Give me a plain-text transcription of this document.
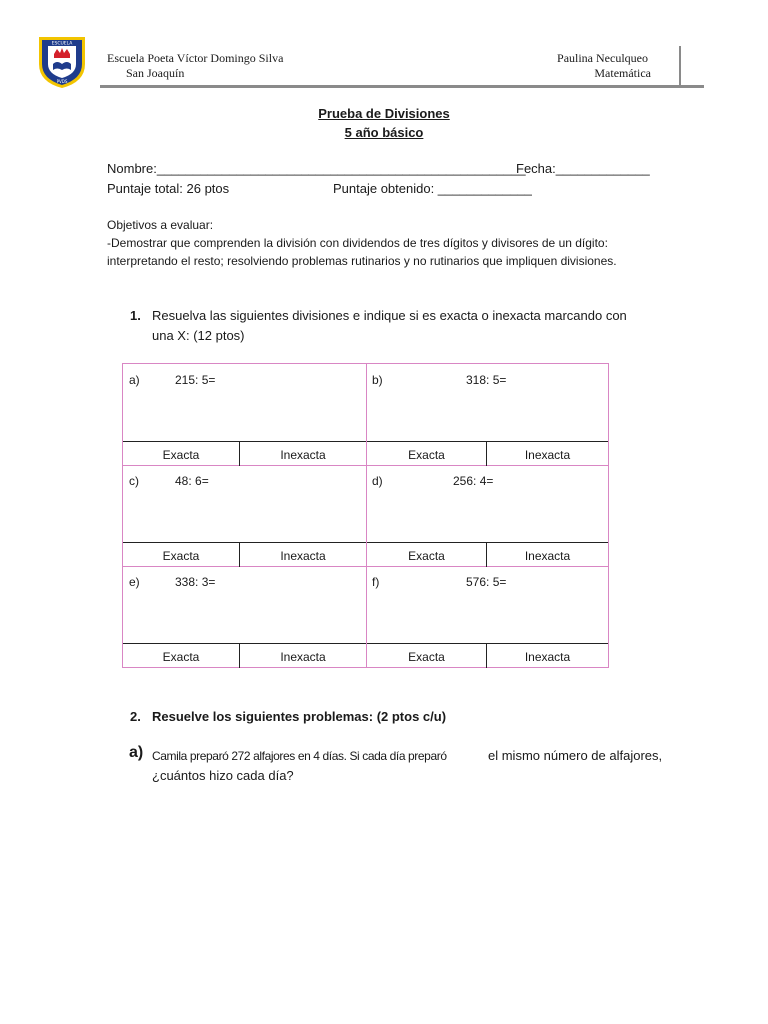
ESCUELA
PVDS
Escuela Poeta Víctor Domingo Silva
San Joaquín
Paulina Neculqueo
Matemática
Prueba de Divisiones
5 año básico
Nombre:___________________________________________________
Fecha:_____________
Puntaje total: 26 ptos	Puntaje obtenido: _____________
Objetivos a evaluar:
-Demostrar que comprenden la división con dividendos de tres dígitos y divisores de un dígito:
interpretando el resto; resolviendo problemas rutinarios y no rutinarios que impliquen divisiones.
1. Resuelva las siguientes divisiones e indique si es exacta o inexacta marcando con
una X: (12 ptos)
a)	215: 5=	b)	318: 5=
Exacta	Inexacta	Exacta	Inexacta
c)	48: 6=	d)	256: 4=
Exacta	Inexacta	Exacta	Inexacta
e)	338: 3=	f)	576: 5=
Exacta	Inexacta	Exacta	Inexacta
2. Resuelve los siguientes problemas: (2 ptos c/u)
a) Camila preparó 272 alfajores en 4 días. Si cada día preparó	el mismo número de alfajores,
¿cuántos hizo cada día?
